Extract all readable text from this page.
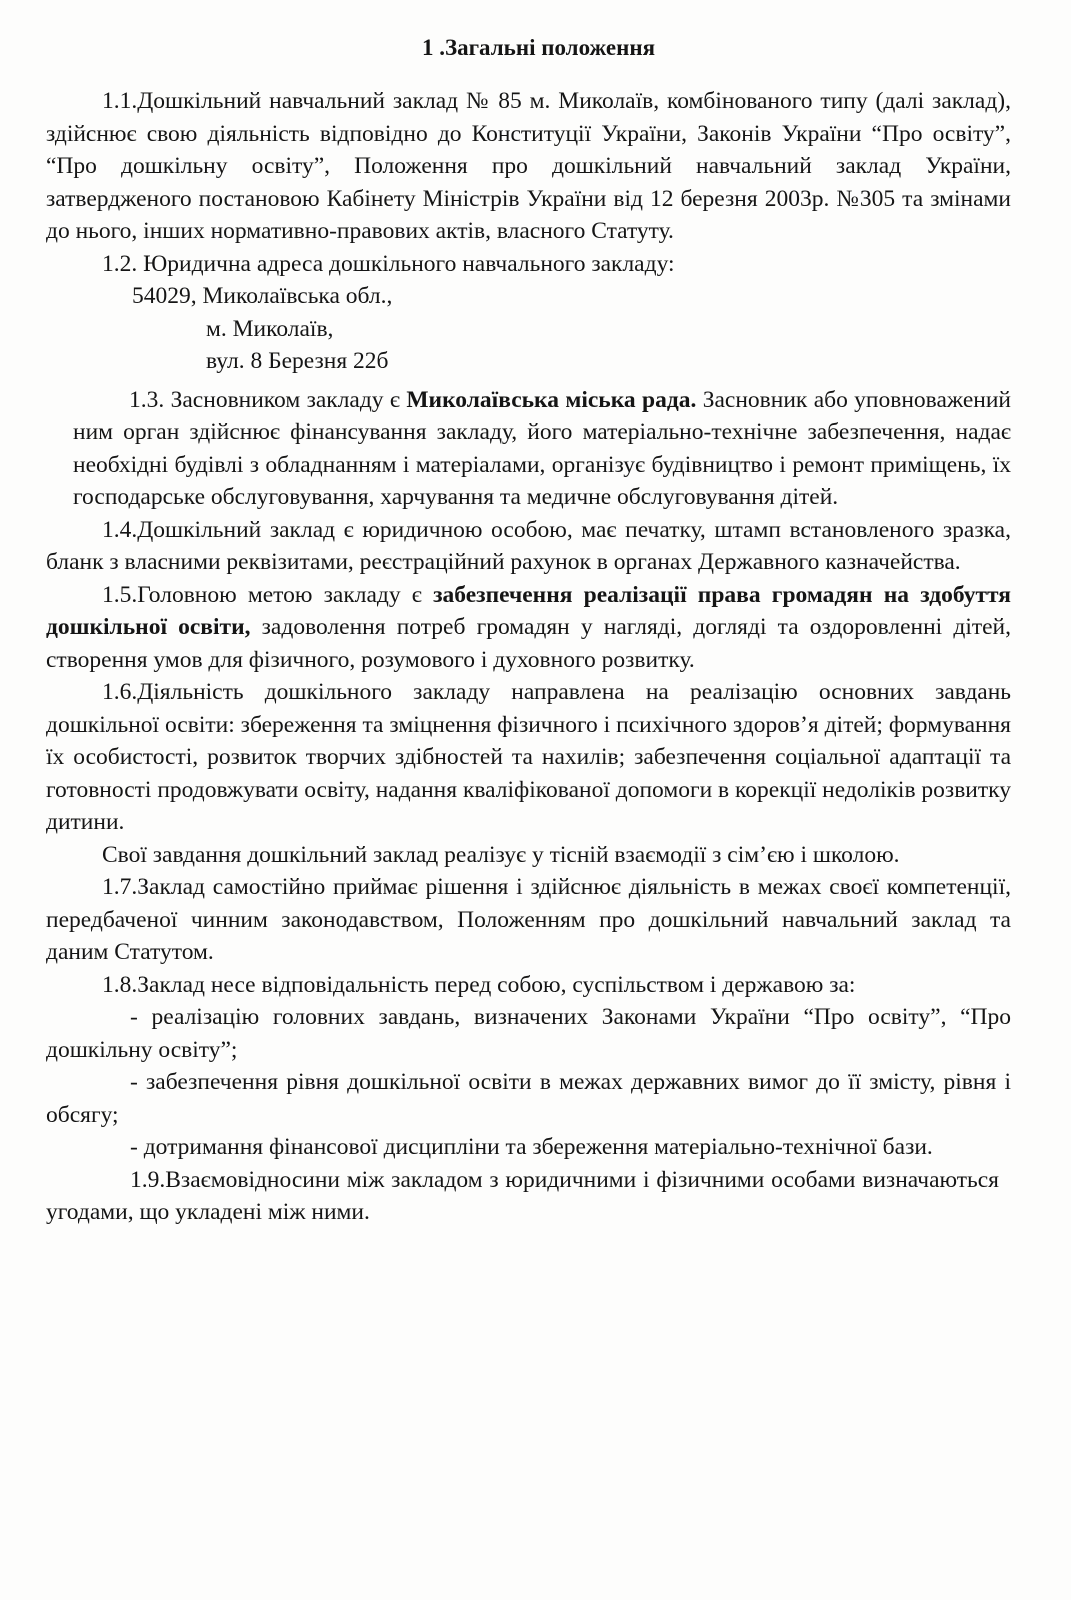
1 .Загальні положення

1.1.Дошкільний навчальний заклад № 85 м. Миколаїв, комбінованого типу (далі заклад), здійснює свою діяльність відповідно до Конституції України, Законів України “Про освіту”, “Про дошкільну освіту”, Положення про дошкільний навчальний заклад України, затвердженого постановою Кабінету Міністрів України від 12 березня 2003р. №305 та змінами до нього, інших нормативно-правових актів, власного Статуту.

1.2. Юридична адреса дошкільного навчального закладу:

54029, Миколаївська обл.,

м. Миколаїв,

вул. 8 Березня 22б

1.3. Засновником закладу є Миколаївська міська рада. Засновник або уповноважений ним орган здійснює фінансування закладу, його матеріально-технічне забезпечення, надає необхідні будівлі з обладнанням і матеріалами, організує будівництво і ремонт приміщень, їх господарське обслуговування, харчування та медичне обслуговування дітей.

1.4.Дошкільний заклад є юридичною особою, має печатку, штамп встановленого зразка, бланк з власними реквізитами, реєстраційний рахунок в органах Державного казначейства.

1.5.Головною метою закладу є забезпечення реалізації права громадян на здобуття дошкільної освіти, задоволення потреб громадян у нагляді, догляді та оздоровленні дітей, створення умов для фізичного, розумового і духовного розвитку.

1.6.Діяльність дошкільного закладу направлена на реалізацію основних завдань дошкільної освіти: збереження та зміцнення фізичного і психічного здоров’я дітей; формування їх особистості, розвиток творчих здібностей та нахилів; забезпечення соціальної адаптації та готовності продовжувати освіту, надання кваліфікованої допомоги в корекції недоліків розвитку дитини.

Свої завдання дошкільний заклад реалізує у тісній взаємодії з сім’єю і школою.

1.7.Заклад самостійно приймає рішення і здійснює діяльність в межах своєї компетенції, передбаченої чинним законодавством, Положенням про дошкільний навчальний заклад та даним Статутом.

1.8.Заклад несе відповідальність перед собою, суспільством і державою за:

- реалізацію головних завдань, визначених Законами України “Про освіту”, “Про дошкільну освіту”;

- забезпечення рівня дошкільної освіти в межах державних вимог до її змісту, рівня і обсягу;

- дотримання фінансової дисципліни та збереження матеріально-технічної бази.

1.9.Взаємовідносини між закладом з юридичними і фізичними особами визначаються угодами, що укладені між ними.
